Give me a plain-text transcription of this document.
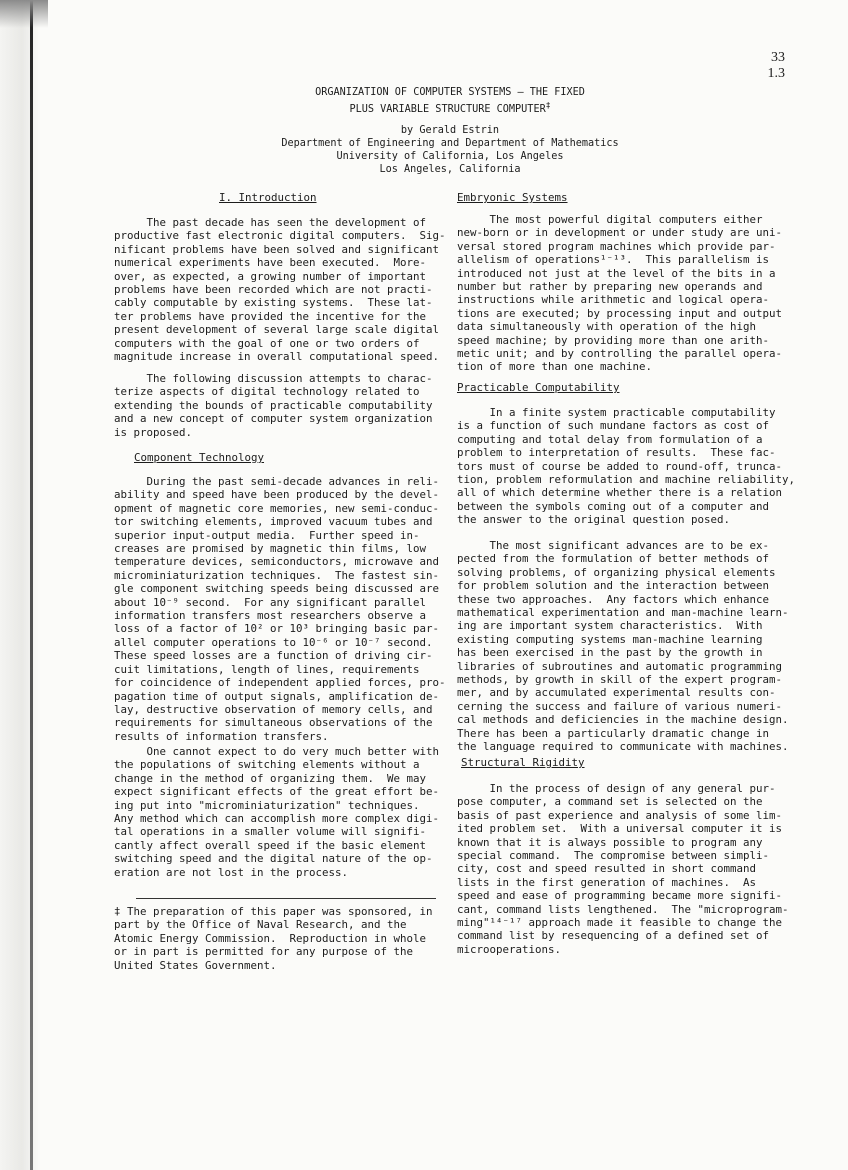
33
1.3
ORGANIZATION OF COMPUTER SYSTEMS — THE FIXED
PLUS VARIABLE STRUCTURE COMPUTER‡
by Gerald Estrin
Department of Engineering and Department of Mathematics
University of California, Los Angeles
Los Angeles, California
I. Introduction

The past decade has seen the development of

productive fast electronic digital computers.  Sig-

nificant problems have been solved and significant

numerical experiments have been executed.  More-

over, as expected, a growing number of important

problems have been recorded which are not practi-

cably computable by existing systems.  These lat-

ter problems have provided the incentive for the

present development of several large scale digital

computers with the goal of one or two orders of

magnitude increase in overall computational speed.

The following discussion attempts to charac-

terize aspects of digital technology related to

extending the bounds of practicable computability

and a new concept of computer system organization

is proposed.

Component Technology

During the past semi-decade advances in reli-

ability and speed have been produced by the devel-

opment of magnetic core memories, new semi-conduc-

tor switching elements, improved vacuum tubes and

superior input-output media.  Further speed in-

creases are promised by magnetic thin films, low

temperature devices, semiconductors, microwave and

microminiaturization techniques.  The fastest sin-

gle component switching speeds being discussed are

about 10⁻⁹ second.  For any significant parallel

information transfers most researchers observe a

loss of a factor of 10² or 10³ bringing basic par-

allel computer operations to 10⁻⁶ or 10⁻⁷ second.

These speed losses are a function of driving cir-

cuit limitations, length of lines, requirements

for coincidence of independent applied forces, pro-

pagation time of output signals, amplification de-

lay, destructive observation of memory cells, and

requirements for simultaneous observations of the

results of information transfers.

One cannot expect to do very much better with

the populations of switching elements without a

change in the method of organizing them.  We may

expect significant effects of the great effort be-

ing put into "microminiaturization" techniques.

Any method which can accomplish more complex digi-

tal operations in a smaller volume will signifi-

cantly affect overall speed if the basic element

switching speed and the digital nature of the op-

eration are not lost in the process.

‡ The preparation of this paper was sponsored, in

part by the Office of Naval Research, and the

Atomic Energy Commission.  Reproduction in whole

or in part is permitted for any purpose of the

United States Government.

Embryonic Systems

The most powerful digital computers either

new-born or in development or under study are uni-

versal stored program machines which provide par-

allelism of operations¹⁻¹³.  This parallelism is

introduced not just at the level of the bits in a

number but rather by preparing new operands and

instructions while arithmetic and logical opera-

tions are executed; by processing input and output

data simultaneously with operation of the high

speed machine; by providing more than one arith-

metic unit; and by controlling the parallel opera-

tion of more than one machine.

Practicable Computability

In a finite system practicable computability

is a function of such mundane factors as cost of

computing and total delay from formulation of a

problem to interpretation of results.  These fac-

tors must of course be added to round-off, trunca-

tion, problem reformulation and machine reliability,

all of which determine whether there is a relation

between the symbols coming out of a computer and

the answer to the original question posed.

The most significant advances are to be ex-

pected from the formulation of better methods of

solving problems, of organizing physical elements

for problem solution and the interaction between

these two approaches.  Any factors which enhance

mathematical experimentation and man-machine learn-

ing are important system characteristics.  With

existing computing systems man-machine learning

has been exercised in the past by the growth in

libraries of subroutines and automatic programming

methods, by growth in skill of the expert program-

mer, and by accumulated experimental results con-

cerning the success and failure of various numeri-

cal methods and deficiencies in the machine design.

There has been a particularly dramatic change in

the language required to communicate with machines.

Structural Rigidity

In the process of design of any general pur-

pose computer, a command set is selected on the

basis of past experience and analysis of some lim-

ited problem set.  With a universal computer it is

known that it is always possible to program any

special command.  The compromise between simpli-

city, cost and speed resulted in short command

lists in the first generation of machines.  As

speed and ease of programming became more signifi-

cant, command lists lengthened.  The "microprogram-

ming"¹⁴⁻¹⁷ approach made it feasible to change the

command list by resequencing of a defined set of

microoperations.
